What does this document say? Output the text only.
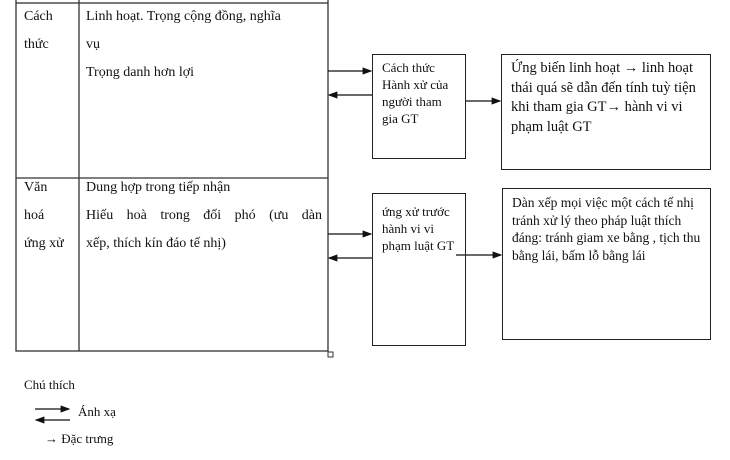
Cách
thức
Linh hoạt. Trọng cộng đồng, nghĩa
vụ
Trọng danh hơn lợi
Văn
hoá
ứng xử
Dung hợp trong tiếp nhận
Hiếu hoà trong đối phó (ưu dàn
xếp, thích kín đáo tế nhị)
Cách thức Hành xử của người tham gia GT
Ứng biến linh hoạt → linh hoạt thái quá sẽ dẫn đến tính tuỳ tiện khi tham gia GT→ hành vi vi phạm luật GT
ứng xử trước hành vi vi phạm luật GT
Dàn xếp mọi việc một cách tế nhị tránh xử lý theo pháp luật thích đáng: tránh giam xe bằng , tịch thu bằng lái, bấm lỗ bằng lái
Chú thích
Ánh xạ
→ Đặc trưng
